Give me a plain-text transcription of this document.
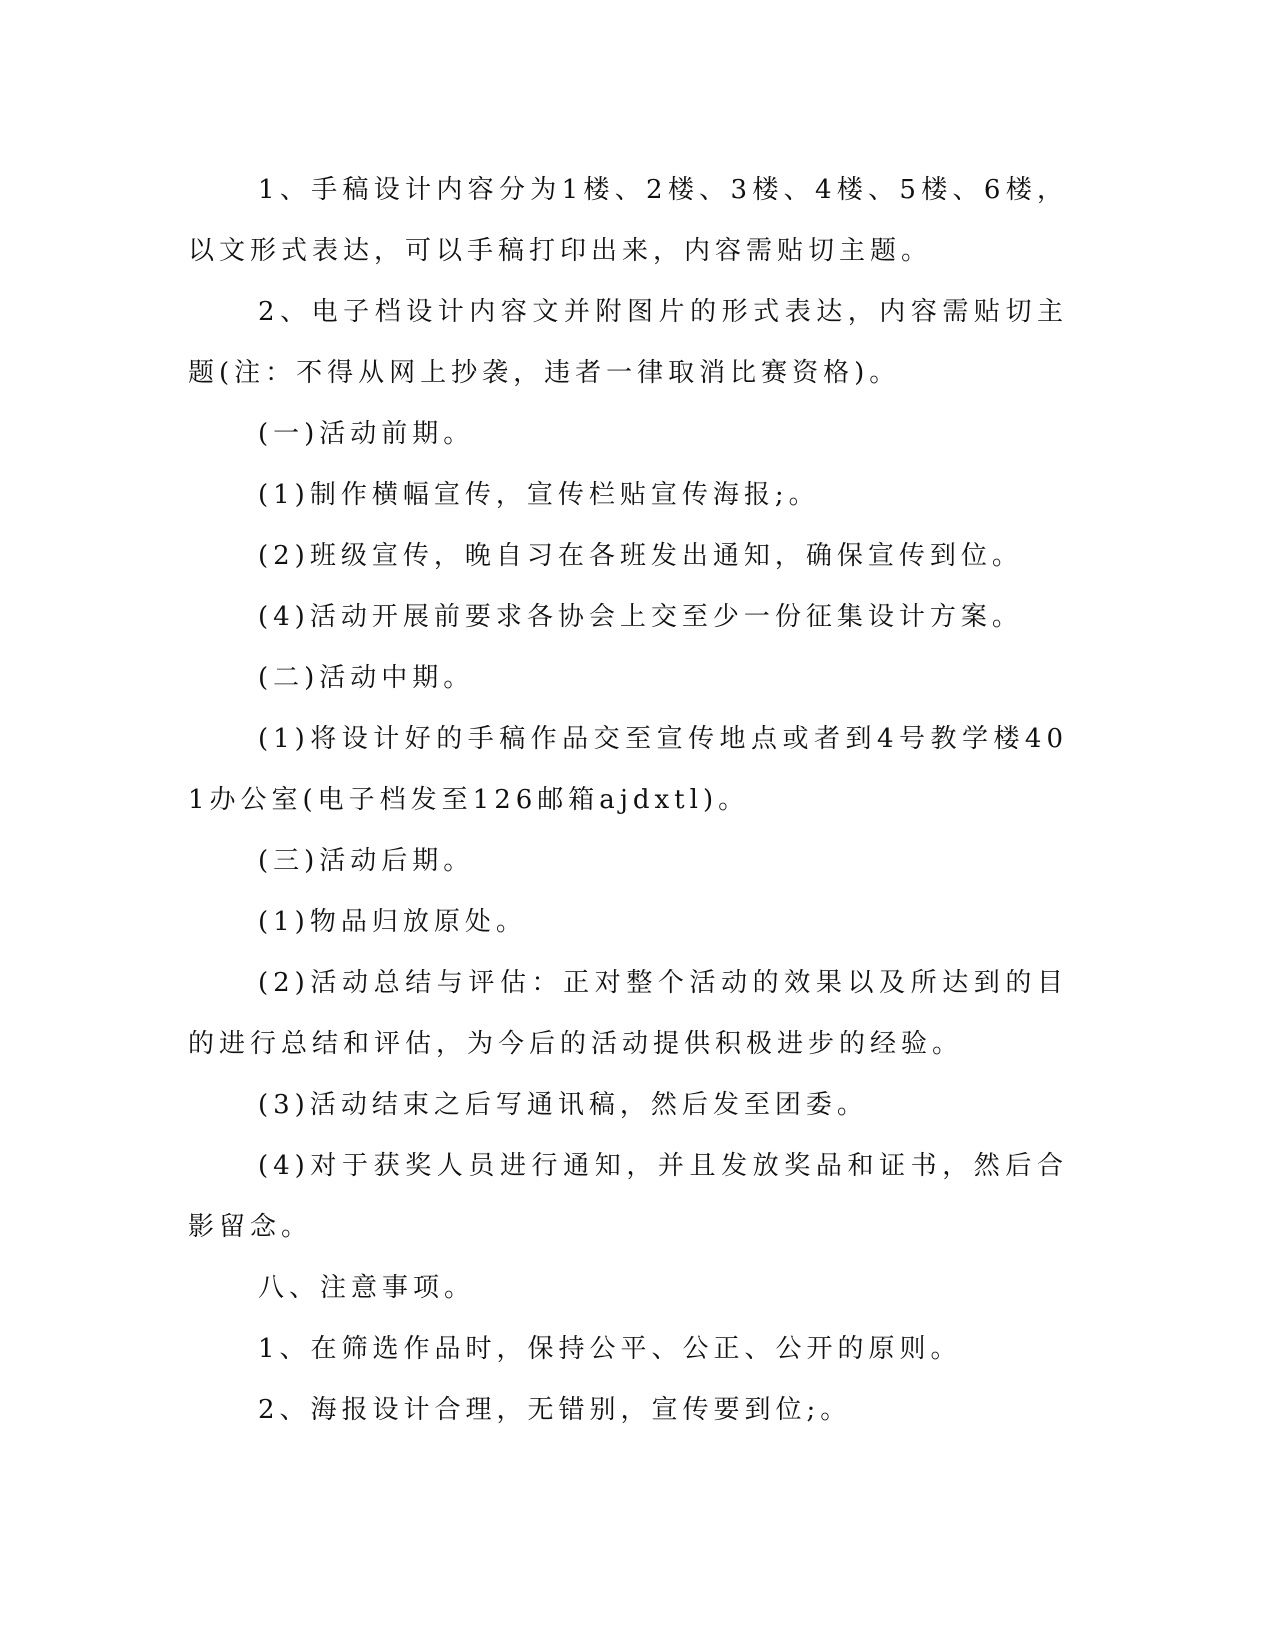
1、手稿设计内容分为1楼、2楼、3楼、4楼、5楼、6楼，以文形式表达，可以手稿打印出来，内容需贴切主题。

2、电子档设计内容文并附图片的形式表达，内容需贴切主题(注：不得从网上抄袭，违者一律取消比赛资格)。

(一)活动前期。

(1)制作横幅宣传，宣传栏贴宣传海报;。

(2)班级宣传，晚自习在各班发出通知，确保宣传到位。

(4)活动开展前要求各协会上交至少一份征集设计方案。

(二)活动中期。

(1)将设计好的手稿作品交至宣传地点或者到4号教学楼401办公室(电子档发至126邮箱ajdxtl)。

(三)活动后期。

(1)物品归放原处。

(2)活动总结与评估：正对整个活动的效果以及所达到的目的进行总结和评估，为今后的活动提供积极进步的经验。

(3)活动结束之后写通讯稿，然后发至团委。

(4)对于获奖人员进行通知，并且发放奖品和证书，然后合影留念。

八、注意事项。

1、在筛选作品时，保持公平、公正、公开的原则。

2、海报设计合理，无错别，宣传要到位;。
